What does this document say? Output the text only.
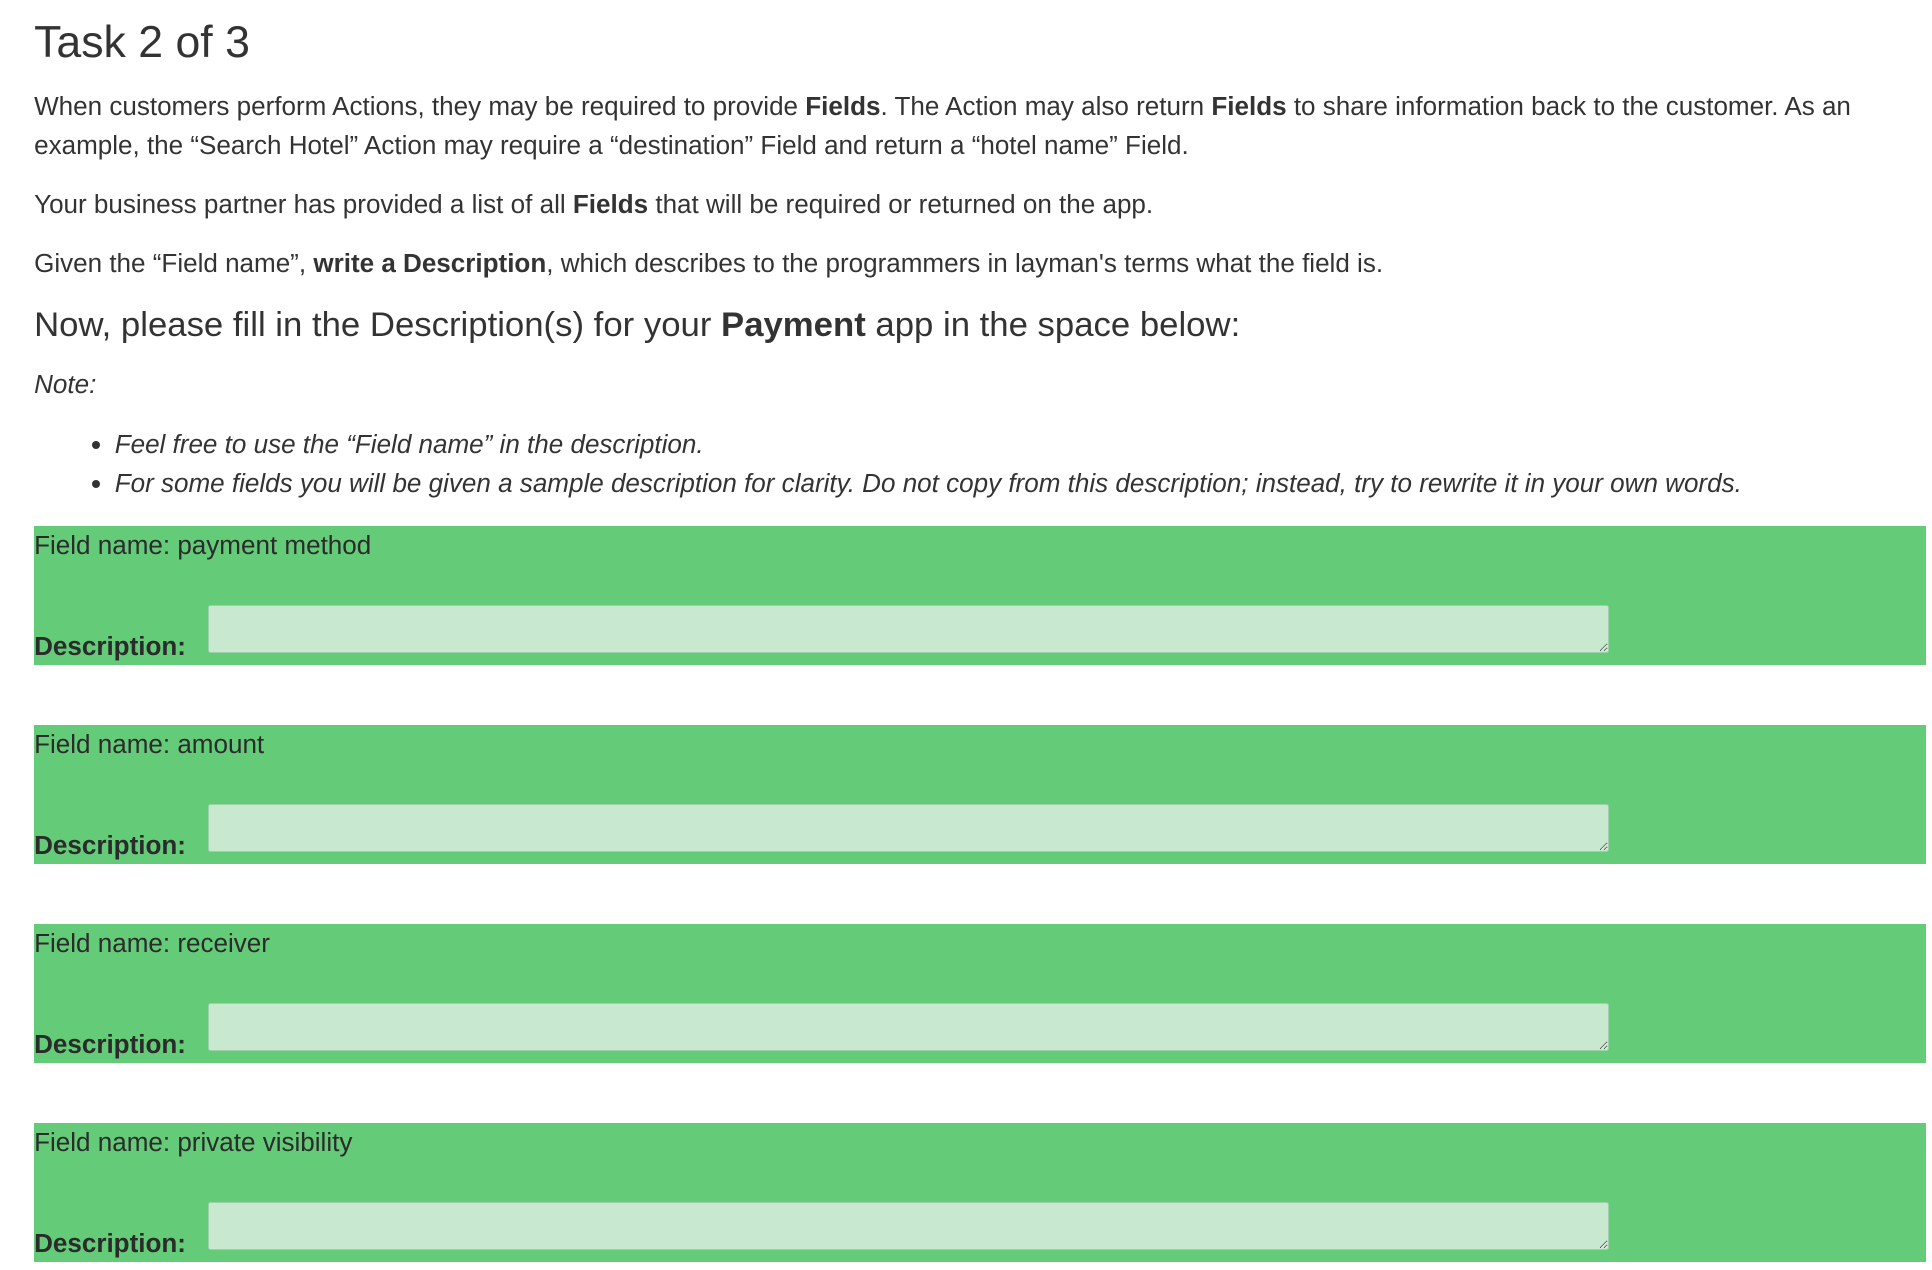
Task 2 of 3

When customers perform Actions, they may be required to provide Fields. The Action may also return Fields to share information back to the customer. As an example, the “Search Hotel” Action may require a “destination” Field and return a “hotel name” Field.

Your business partner has provided a list of all Fields that will be required or returned on the app.

Given the “Field name”, write a Description, which describes to the programmers in layman's terms what the field is.

Now, please fill in the Description(s) for your Payment app in the space below:

Note:

• Feel free to use the “Field name” in the description.
• For some fields you will be given a sample description for clarity. Do not copy from this description; instead, try to rewrite it in your own words.
Field name: payment method
Description:
Field name: amount
Description:
Field name: receiver
Description:
Field name: private visibility
Description:
